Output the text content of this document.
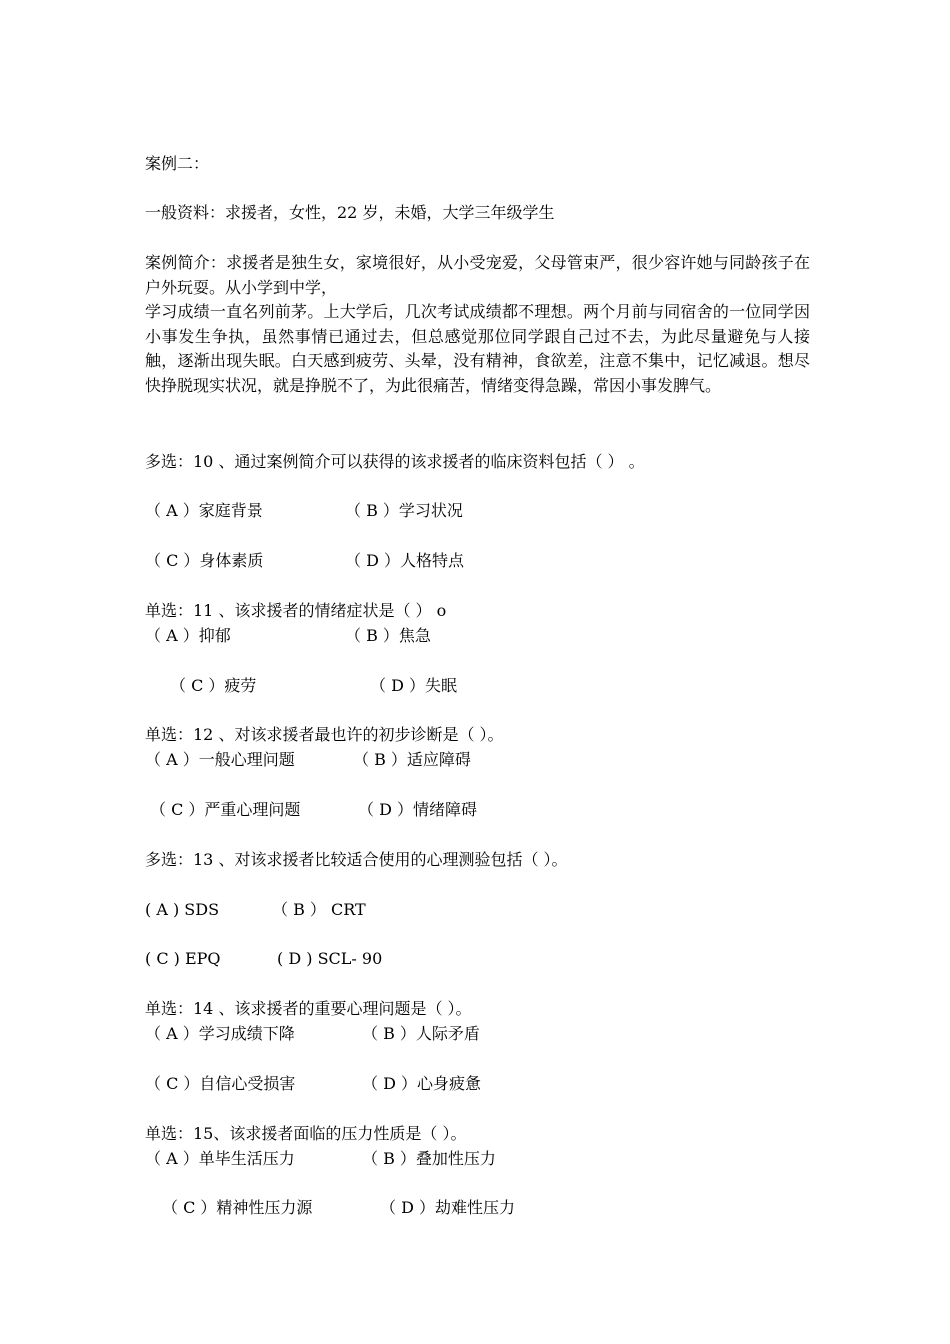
案例二：
一般资料：求援者，女性，22 岁，未婚，大学三年级学生
案例简介：求援者是独生女，家境很好，从小受宠爱，父母管束严，很少容许她与同龄孩子在户外玩耍。从小学到中学，
学习成绩一直名列前茅。上大学后，几次考试成绩都不理想。两个月前与同宿舍的一位同学因小事发生争执，虽然事情已通过去，但总感觉那位同学跟自己过不去，为此尽量避免与人接触，逐渐出现失眠。白天感到疲劳、头晕，没有精神，食欲差，注意不集中，记忆减退。想尽快挣脱现实状况，就是挣脱不了，为此很痛苦，情绪变得急躁，常因小事发脾气。
多选：10 、通过案例简介可以获得的该求援者的临床资料包括（ ） 。
（ A ）家庭背景	（ B ）学习状况
（ C ）身体素质	（ D ）人格特点
单选：11 、该求援者的情绪症状是（ ） o
（ A ）抑郁	（ B ）焦急
（ C ）疲劳	（ D ）失眠
单选：12 、对该求援者最也许的初步诊断是（ ）。
（ A ）一般心理问题	（ B ）适应障碍
（ C ）严重心理问题	（ D ）情绪障碍
多选：13 、对该求援者比较适合使用的心理测验包括（ ）。
( A ) SDS	（ B ） CRT
( C ) EPQ	( D ) SCL- 90
单选：14 、该求援者的重要心理问题是（ ）。
（ A ）学习成绩下降	（ B ）人际矛盾
（ C ）自信心受损害	（ D ）心身疲惫
单选：15、该求援者面临的压力性质是（ ）。
（ A ）单毕生活压力	（ B ）叠加性压力
（ C ）精神性压力源	（ D ）劫难性压力
